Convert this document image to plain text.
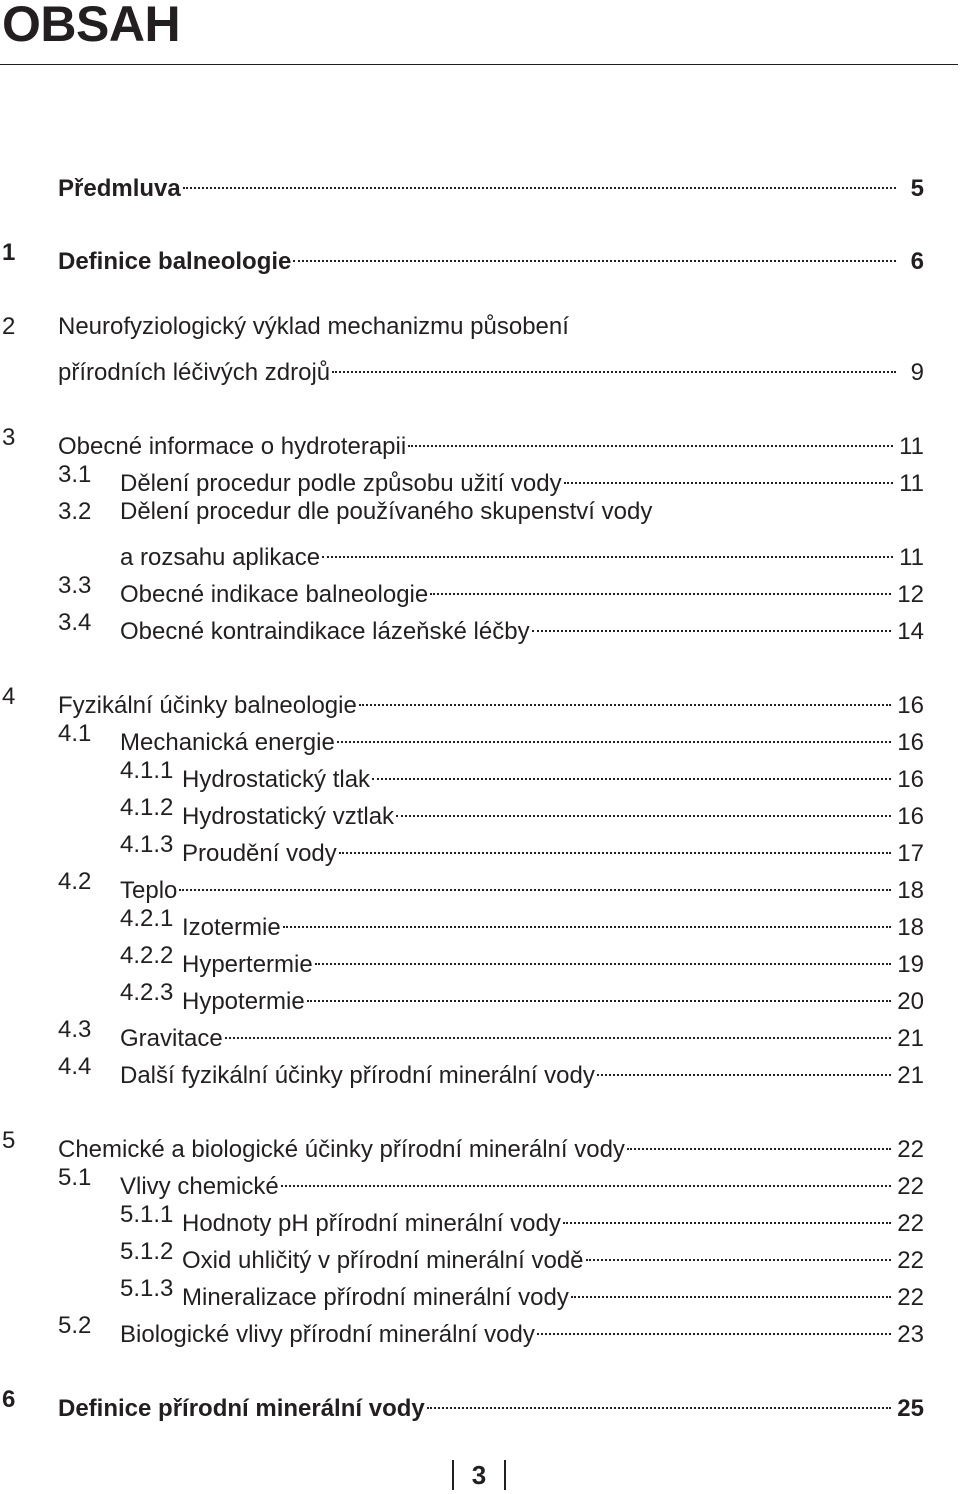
OBSAH
Předmluva	5
1 Definice balneologie	6
2 Neurofyziologický výklad mechanizmu působení
přírodních léčivých zdrojů	9
3 Obecné informace o hydroterapii	11
3.1 Dělení procedur podle způsobu užití vody	11
3.2 Dělení procedur dle používaného skupenství vody
a rozsahu aplikace	11
3.3 Obecné indikace balneologie	12
3.4 Obecné kontraindikace lázeňské léčby	14
4 Fyzikální účinky balneologie	16
4.1 Mechanická energie	16
4.1.1 Hydrostatický tlak	16
4.1.2 Hydrostatický vztlak	16
4.1.3 Proudění vody	17
4.2 Teplo	18
4.2.1 Izotermie	18
4.2.2 Hypertermie	19
4.2.3 Hypotermie	20
4.3 Gravitace	21
4.4 Další fyzikální účinky přírodní minerální vody	21
5 Chemické a biologické účinky přírodní minerální vody	22
5.1 Vlivy chemické	22
5.1.1 Hodnoty pH přírodní minerální vody	22
5.1.2 Oxid uhličitý v přírodní minerální vodě	22
5.1.3 Mineralizace přírodní minerální vody	22
5.2 Biologické vlivy přírodní minerální vody	23
6 Definice přírodní minerální vody	25
3
